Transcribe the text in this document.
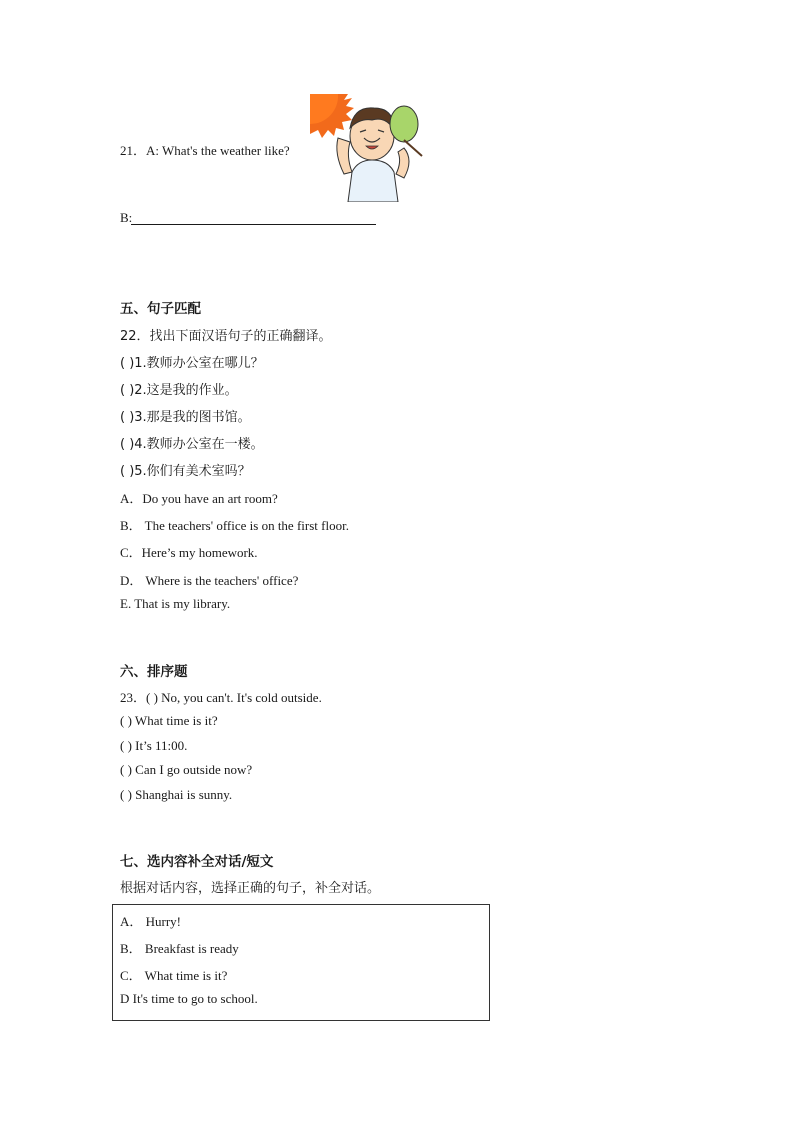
21．A: What's the weather like?
B:
五、句子匹配
22．找出下面汉语句子的正确翻译。
( )1.教师办公室在哪儿？
( )2.这是我的作业。
( )3.那是我的图书馆。
( )4.教师办公室在一楼。
( )5.你们有美术室吗？
A．Do you have an art room?
B． The teachers' office is on the first floor.
C．Here’s my homework.
D． Where is the teachers' office?
E. That is my library.
六、排序题
23．( ) No, you can't. It's cold outside.
( ) What time is it?
( ) It’s 11:00.
( ) Can I go outside now?
( ) Shanghai is sunny.
七、选内容补全对话/短文
根据对话内容，选择正确的句子，补全对话。
A． Hurry!
B． Breakfast is ready
C． What time is it?
D It's time to go to school.
